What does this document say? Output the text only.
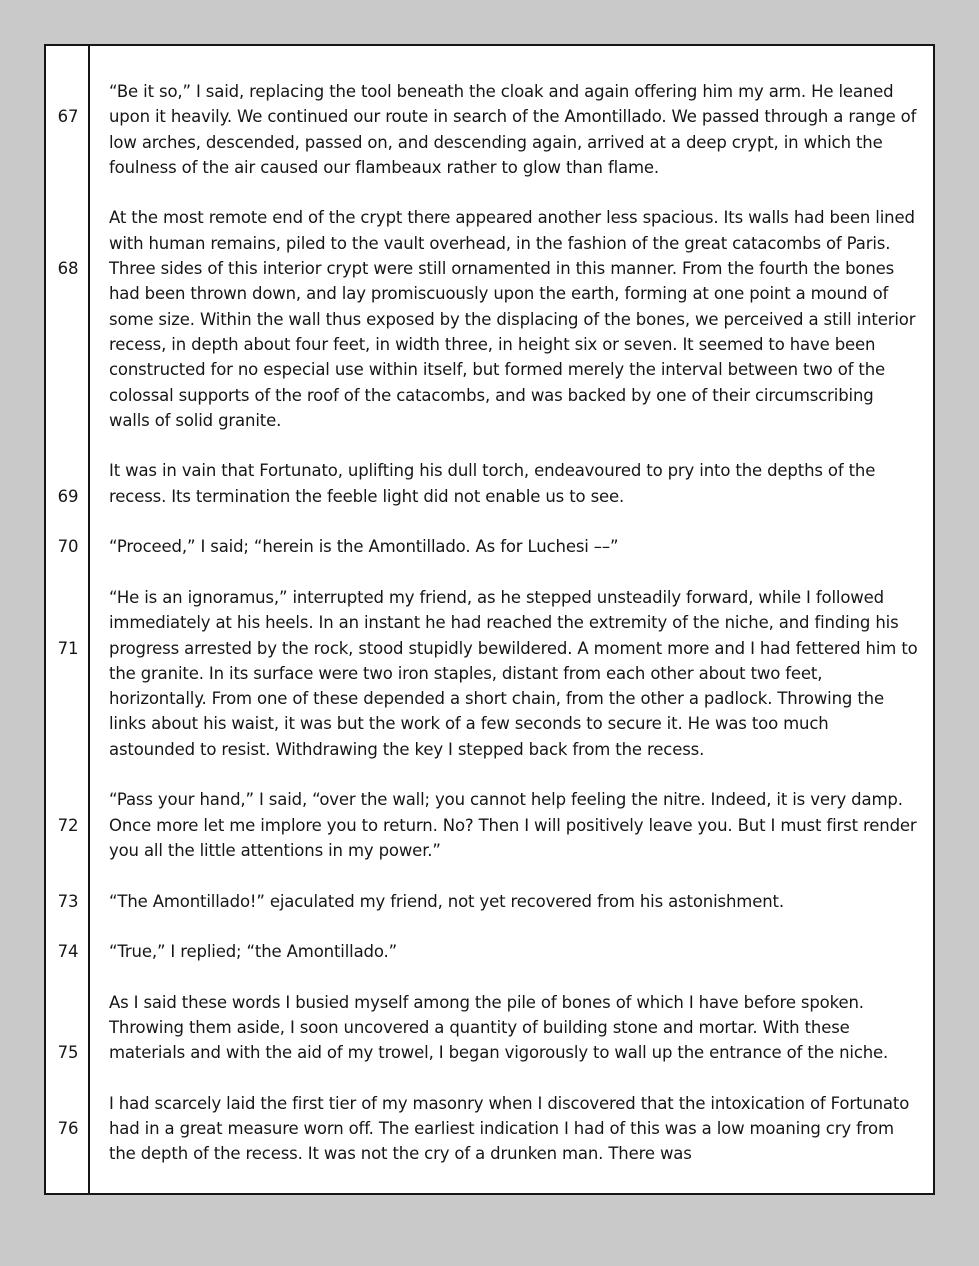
67
“Be it so,” I said, replacing the tool beneath the cloak and again offering him my arm. He leaned upon it heavily. We continued our route in search of the Amontillado. We passed through a range of low arches, descended, passed on, and descending again, arrived at a deep crypt, in which the foulness of the air caused our flambeaux rather to glow than flame.
68
At the most remote end of the crypt there appeared another less spacious. Its walls had been lined with human remains, piled to the vault overhead, in the fashion of the great catacombs of Paris. Three sides of this interior crypt were still ornamented in this manner. From the fourth the bones had been thrown down, and lay promiscuously upon the earth, forming at one point a mound of some size. Within the wall thus exposed by the displacing of the bones, we perceived a still interior recess, in depth about four feet, in width three, in height six or seven. It seemed to have been constructed for no especial use within itself, but formed merely the interval between two of the colossal supports of the roof of the catacombs, and was backed by one of their circumscribing walls of solid granite.
69
It was in vain that Fortunato, uplifting his dull torch, endeavoured to pry into the depths of the recess. Its termination the feeble light did not enable us to see.
70	“Proceed,” I said; “herein is the Amontillado. As for Luchesi ––”
71
“He is an ignoramus,” interrupted my friend, as he stepped unsteadily forward, while I followed immediately at his heels. In an instant he had reached the extremity of the niche, and finding his progress arrested by the rock, stood stupidly bewildered. A moment more and I had fettered him to the granite. In its surface were two iron staples, distant from each other about two feet, horizontally. From one of these depended a short chain, from the other a padlock. Throwing the links about his waist, it was but the work of a few seconds to secure it. He was too much astounded to resist. Withdrawing the key I stepped back from the recess.
72
“Pass your hand,” I said, “over the wall; you cannot help feeling the nitre. Indeed, it is very damp. Once more let me implore you to return. No? Then I will positively leave you. But I must first render you all the little attentions in my power.”
73	“The Amontillado!” ejaculated my friend, not yet recovered from his astonishment.
74	“True,” I replied; “the Amontillado.”
75
As I said these words I busied myself among the pile of bones of which I have before spoken. Throwing them aside, I soon uncovered a quantity of building stone and mortar. With these materials and with the aid of my trowel, I began vigorously to wall up the entrance of the niche.
76
I had scarcely laid the first tier of my masonry when I discovered that the intoxication of Fortunato had in a great measure worn off. The earliest indication I had of this was a low moaning cry from the depth of the recess. It was not the cry of a drunken man. There was
